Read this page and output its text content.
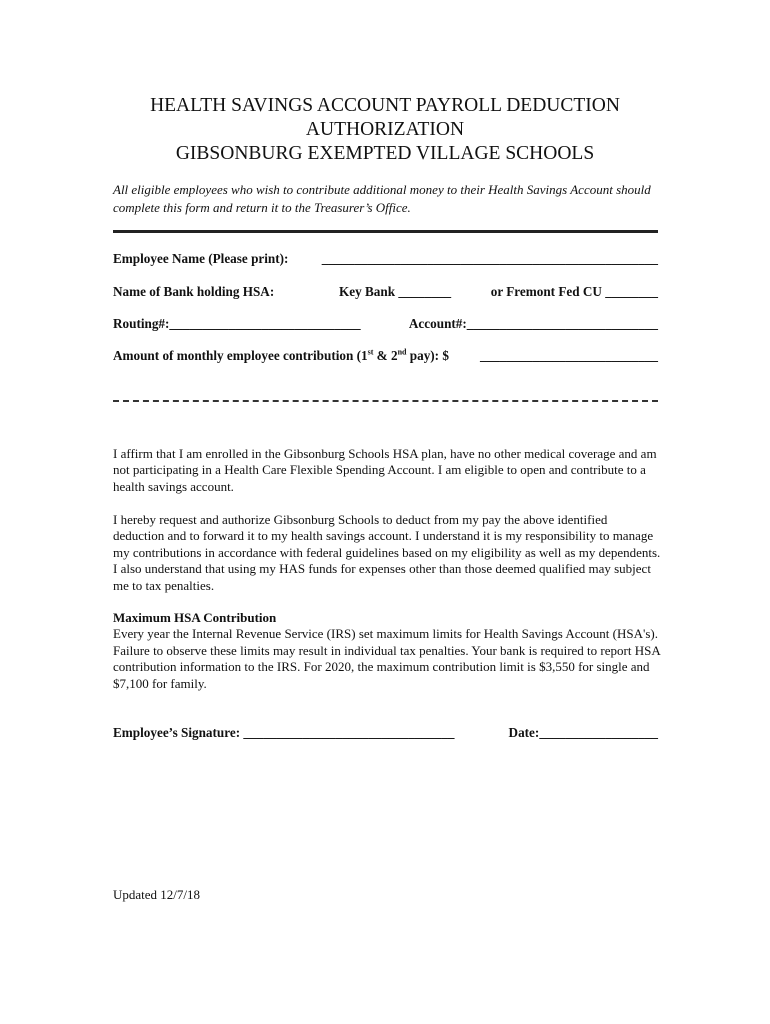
HEALTH SAVINGS ACCOUNT PAYROLL DEDUCTION
AUTHORIZATION
GIBSONBURG EXEMPTED VILLAGE SCHOOLS
All eligible employees who wish to contribute additional money to their Health Savings Account should complete this form and return it to the Treasurer’s Office.
Employee Name (Please print):	___________________________________________________
Name of Bank holding HSA:	Key Bank ________	or Fremont Fed CU ________
Routing#:_____________________________	Account#:_____________________________
Amount of monthly employee contribution (1st & 2nd pay): $ ___________________________
I affirm that I am enrolled in the Gibsonburg Schools HSA plan, have no other medical coverage and am not participating in a Health Care Flexible Spending Account. I am eligible to open and contribute to a health savings account.
I hereby request and authorize Gibsonburg Schools to deduct from my pay the above identified deduction and to forward it to my health savings account. I understand it is my responsibility to manage my contributions in accordance with federal guidelines based on my eligibility as well as my dependents. I also understand that using my HAS funds for expenses other than those deemed qualified may subject me to tax penalties.
Maximum HSA Contribution
Every year the Internal Revenue Service (IRS) set maximum limits for Health Savings Account (HSA's). Failure to observe these limits may result in individual tax penalties. Your bank is required to report HSA contribution information to the IRS. For 2020, the maximum contribution limit is $3,550 for single and $7,100 for family.
Employee’s Signature: ________________________________	Date:__________________
Updated 12/7/18
